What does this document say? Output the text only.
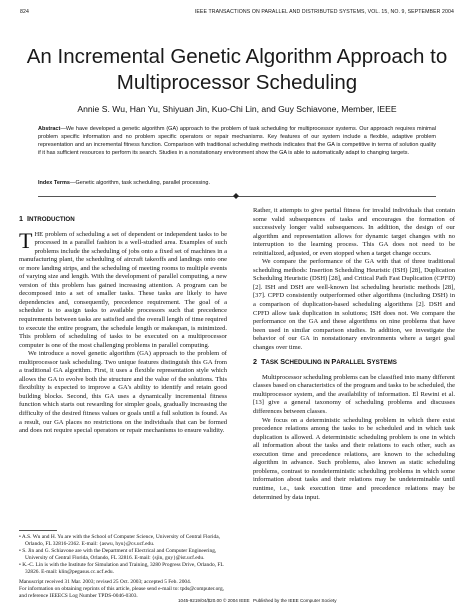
824	IEEE TRANSACTIONS ON PARALLEL AND DISTRIBUTED SYSTEMS, VOL. 15, NO. 9, SEPTEMBER 2004
An Incremental Genetic Algorithm Approach to
Multiprocessor Scheduling
Annie S. Wu, Han Yu, Shiyuan Jin, Kuo-Chi Lin, and Guy Schiavone, Member, IEEE
Abstract—We have developed a genetic algorithm (GA) approach to the problem of task scheduling for multiprocessor systems. Our approach requires minimal problem specific information and no problem specific operators or repair mechanisms. Key features of our system include a flexible, adaptive problem representation and an incremental fitness function. Comparison with traditional scheduling methods indicates that the GA is competitive in terms of solution quality if it has sufficient resources to perform its search. Studies in a nonstationary environment show the GA is able to automatically adapt to changing targets.
Index Terms—Genetic algorithm, task scheduling, parallel processing.
1 INTRODUCTION

THE problem of scheduling a set of dependent or independent tasks to be processed in a parallel fashion is a well-studied area. Examples of such problems include the scheduling of jobs onto a fixed set of machines in a manufacturing plant, the scheduling of aircraft takeoffs and landings onto one or more landing strips, and the scheduling of meeting rooms to multiple events of varying size and length. With the development of parallel computing, a new version of this problem has gained increasing attention. A program can be decomposed into a set of smaller tasks. These tasks are likely to have dependencies and, consequently, precedence requirement. The goal of a scheduler is to assign tasks to available processors such that precedence requirements between tasks are satisfied and the overall length of time required to execute the entire program, the schedule length or makespan, is minimized. This problem of scheduling of tasks to be executed on a multiprocessor computer is one of the most challenging problems in parallel computing.

We introduce a novel genetic algorithm (GA) approach to the problem of multiprocessor task scheduling. Two unique features distinguish this GA from a traditional GA algorithm. First, it uses a flexible representation style which allows the GA to evolve both the structure and the value of the solutions. This flexibility is expected to improve a GA's ability to identify and retain good building blocks. Second, this GA uses a dynamically incremental fitness function which starts out rewarding for simpler goals, gradually increasing the difficulty of the desired fitness values or goals until a full solution is found. As a result, our GA places no restrictions on the individuals that can be formed and does not require special operators or repair mechanisms to ensure validity.

Rather, it attempts to give partial fitness for invalid individuals that contain some valid subsequences of tasks and encourages the formation of successively longer valid subsequences. In addition, the design of our algorithm and representation allows for dynamic target changes with no interruption to the learning process. This GA does not need to be reinitialized, adjusted, or even stopped when a target change occurs.

We compare the performance of the GA with that of three traditional scheduling methods: Insertion Scheduling Heuristic (ISH) [28], Duplication Scheduling Heuristic (DSH) [28], and Critical Path Fast Duplication (CPFD) [2]. ISH and DSH are well-known list scheduling heuristic methods [28], [37]. CPFD consistently outperformed other algorithms (including DSH) in a comparison of duplication-based scheduling algorithms [2]. DSH and CPFD allow task duplication in solutions; ISH does not. We compare the performance on the GA and these algorithms on nine problems that have been used in similar comparison studies. In addition, we investigate the behavior of our GA in nonstationary environments where a target goal changes over time.

2 TASK SCHEDULING IN PARALLEL SYSTEMS

Multiprocessor scheduling problems can be classified into many different classes based on characteristics of the program and tasks to be scheduled, the multiprocessor system, and the availability of information. El Rewini et al. [13] give a general taxonomy of scheduling problems and discusses differences between classes.

We focus on a deterministic scheduling problem in which there exist precedence relations among the tasks to be scheduled and in which task duplication is allowed. A deterministic scheduling problem is one in which all information about the tasks and their relations to each other, such as execution time and precedence relations, are known to the scheduling algorithm in advance. Such problems, also known as static scheduling problems, contrast to nondeterministic scheduling problems in which some information about tasks and their relations may be undeterminable until runtime, i.e., task execution time and precedence relations may be determined by data input.

• A.S. Wu and H. Yu are with the School of Computer Science, University of Central Florida, Orlando, FL 32816-2362. E-mail: {aswu, hyu}@cs.ucf.edu.

• S. Jin and G. Schiavone are with the Department of Electrical and Computer Engineering, University of Central Florida, Orlando, FL 32816. E-mail: {sjin, guy}@ist.ucf.edu.

• K.-C. Lin is with the Institute for Simulation and Training, 3280 Progress Drive, Orlando, FL 32826. E-mail: klin@pegasus.cc.ucf.edu.

Manuscript received 31 Mar. 2003; revised 25 Oct. 2003; accepted 5 Feb. 2004.

For information on obtaining reprints of this article, please send e-mail to: tpds@computer.org, and reference IEEECS Log Number TPDS-0046-0303.

1045-9219/04/$20.00 © 2004 IEEE Published by the IEEE Computer Society
